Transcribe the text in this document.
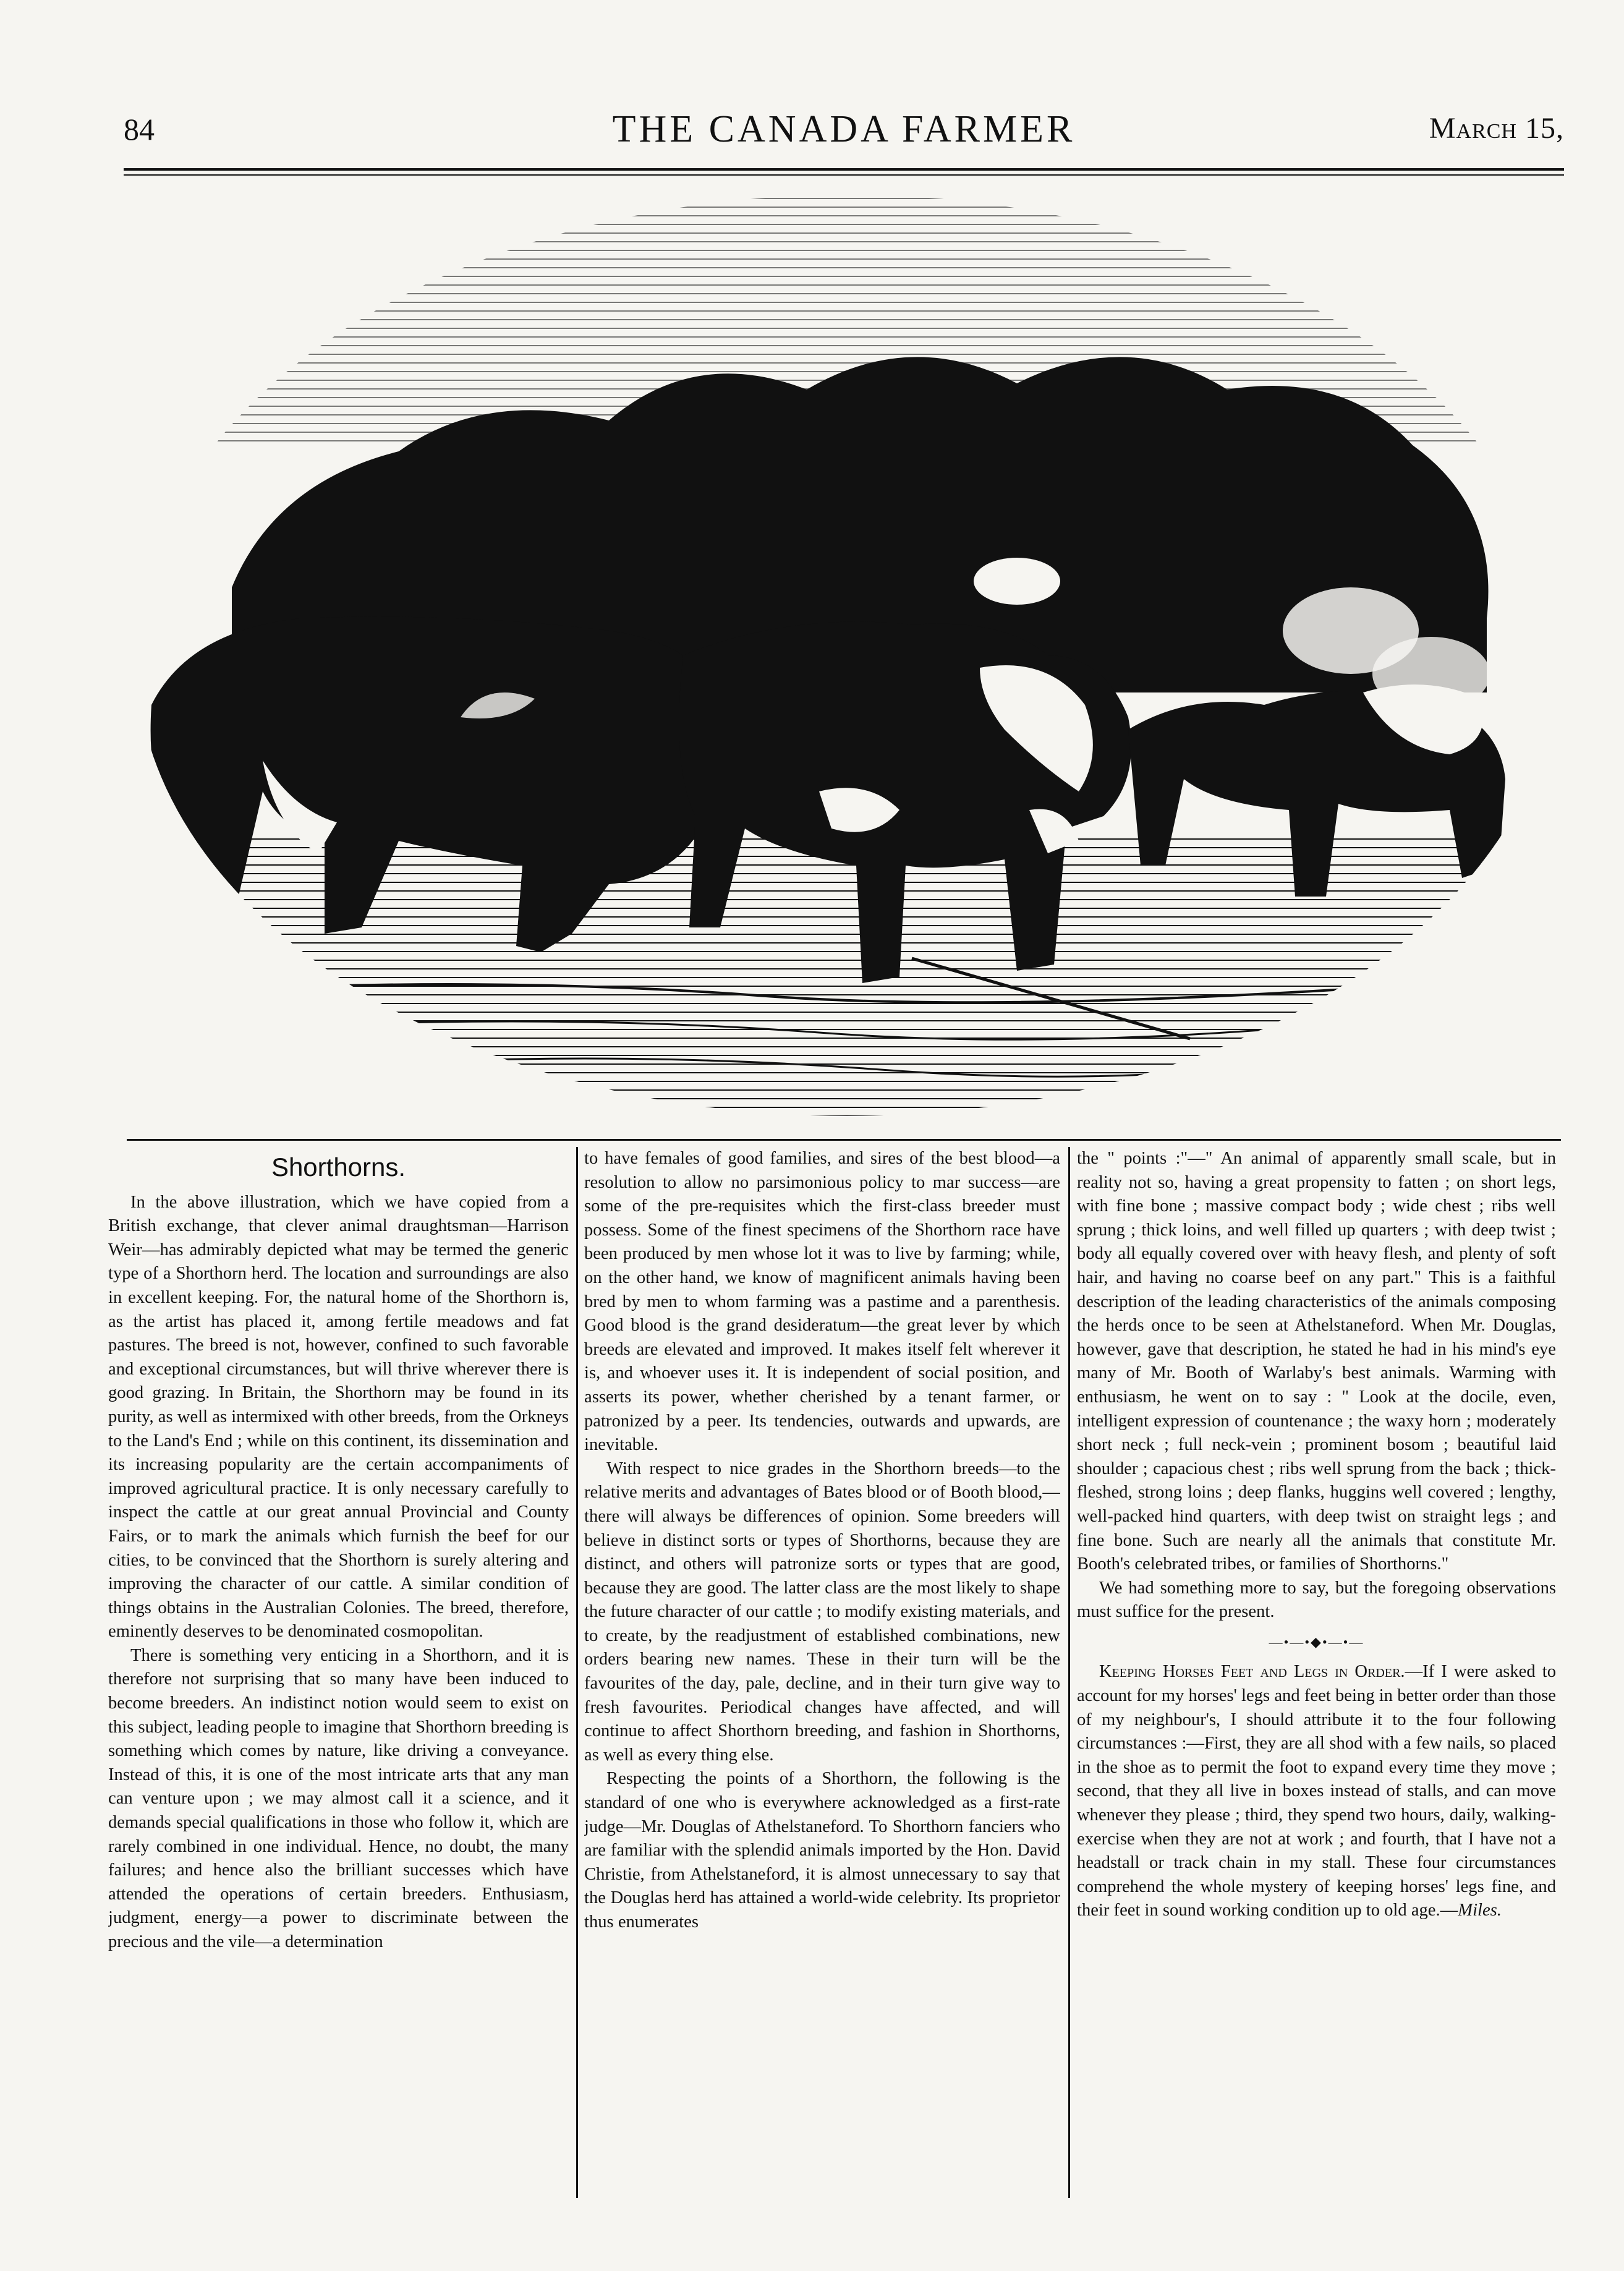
84	THE CANADA FARMER	March 15,
Shorthorns.

In the above illustration, which we have copied from a British exchange, that clever animal draughtsman—Harrison Weir—has admirably depicted what may be termed the generic type of a Shorthorn herd. The location and surroundings are also in excellent keeping. For, the natural home of the Shorthorn is, as the artist has placed it, among fertile meadows and fat pastures. The breed is not, however, confined to such favorable and exceptional circumstances, but will thrive wherever there is good grazing. In Britain, the Shorthorn may be found in its purity, as well as intermixed with other breeds, from the Orkneys to the Land's End ; while on this continent, its dissemination and its increasing popularity are the certain accompaniments of improved agricultural practice. It is only necessary carefully to inspect the cattle at our great annual Provincial and County Fairs, or to mark the animals which furnish the beef for our cities, to be convinced that the Shorthorn is surely altering and improving the character of our cattle. A similar condition of things obtains in the Australian Colonies. The breed, therefore, eminently deserves to be denominated cosmopolitan.

There is something very enticing in a Shorthorn, and it is therefore not surprising that so many have been induced to become breeders. An indistinct notion would seem to exist on this subject, leading people to imagine that Shorthorn breeding is something which comes by nature, like driving a conveyance. Instead of this, it is one of the most intricate arts that any man can venture upon ; we may almost call it a science, and it demands special qualifications in those who follow it, which are rarely combined in one individual. Hence, no doubt, the many failures; and hence also the brilliant successes which have attended the operations of certain breeders. Enthusiasm, judgment, energy—a power to discriminate between the precious and the vile—a determination

to have females of good families, and sires of the best blood—a resolution to allow no parsimonious policy to mar success—are some of the pre-requisites which the first-class breeder must possess. Some of the finest specimens of the Shorthorn race have been produced by men whose lot it was to live by farming; while, on the other hand, we know of magnificent animals having been bred by men to whom farming was a pastime and a parenthesis. Good blood is the grand desideratum—the great lever by which breeds are elevated and improved. It makes itself felt wherever it is, and whoever uses it. It is independent of social position, and asserts its power, whether cherished by a tenant farmer, or patronized by a peer. Its tendencies, outwards and upwards, are inevitable.

With respect to nice grades in the Shorthorn breeds—to the relative merits and advantages of Bates blood or of Booth blood,—there will always be differences of opinion. Some breeders will believe in distinct sorts or types of Shorthorns, because they are distinct, and others will patronize sorts or types that are good, because they are good. The latter class are the most likely to shape the future character of our cattle ; to modify existing materials, and to create, by the readjustment of established combinations, new orders bearing new names. These in their turn will be the favourites of the day, pale, decline, and in their turn give way to fresh favourites. Periodical changes have affected, and will continue to affect Shorthorn breeding, and fashion in Shorthorns, as well as every thing else.

Respecting the points of a Shorthorn, the following is the standard of one who is everywhere acknowledged as a first-rate judge—Mr. Douglas of Athelstaneford. To Shorthorn fanciers who are familiar with the splendid animals imported by the Hon. David Christie, from Athelstaneford, it is almost unnecessary to say that the Douglas herd has attained a world-wide celebrity. Its proprietor thus enumerates

the " points :"—" An animal of apparently small scale, but in reality not so, having a great propensity to fatten ; on short legs, with fine bone ; massive compact body ; wide chest ; ribs well sprung ; thick loins, and well filled up quarters ; with deep twist ; body all equally covered over with heavy flesh, and plenty of soft hair, and having no coarse beef on any part." This is a faithful description of the leading characteristics of the animals composing the herds once to be seen at Athelstaneford. When Mr. Douglas, however, gave that description, he stated he had in his mind's eye many of Mr. Booth of Warlaby's best animals. Warming with enthusiasm, he went on to say : " Look at the docile, even, intelligent expression of countenance ; the waxy horn ; moderately short neck ; full neck-vein ; prominent bosom ; beautiful laid shoulder ; capacious chest ; ribs well sprung from the back ; thick-fleshed, strong loins ; deep flanks, huggins well covered ; lengthy, well-packed hind quarters, with deep twist on straight legs ; and fine bone. Such are nearly all the animals that constitute Mr. Booth's celebrated tribes, or families of Shorthorns."

We had something more to say, but the foregoing observations must suffice for the present.

—•—•◆•—•—

Keeping Horses Feet and Legs in Order.—If I were asked to account for my horses' legs and feet being in better order than those of my neighbour's, I should attribute it to the four following circumstances :—First, they are all shod with a few nails, so placed in the shoe as to permit the foot to expand every time they move ; second, that they all live in boxes instead of stalls, and can move whenever they please ; third, they spend two hours, daily, walking-exercise when they are not at work ; and fourth, that I have not a headstall or track chain in my stall. These four circumstances comprehend the whole mystery of keeping horses' legs fine, and their feet in sound working condition up to old age.—Miles.
